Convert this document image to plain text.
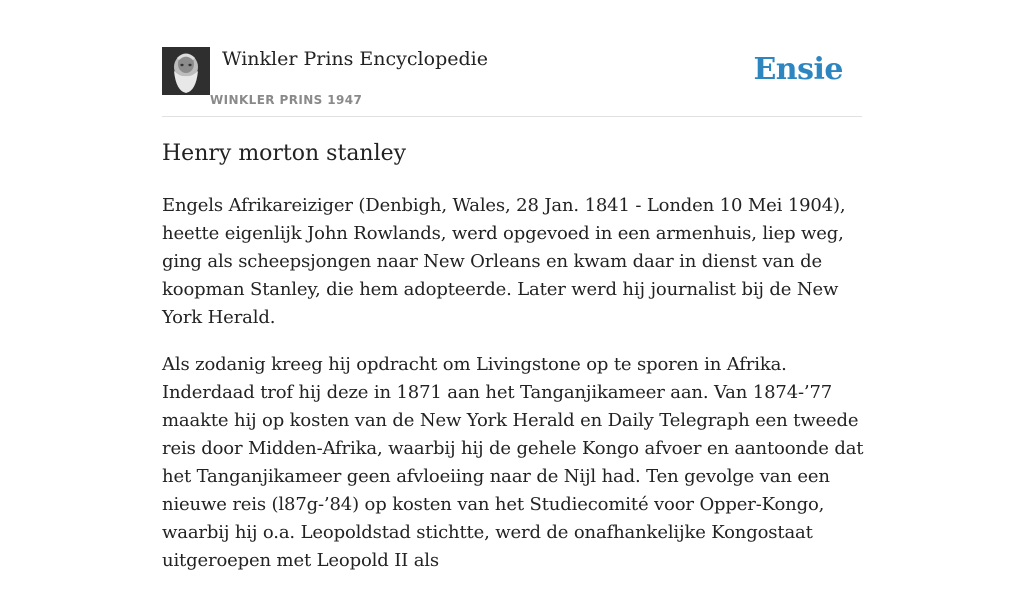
Winkler Prins Encyclopedie
WINKLER PRINS 1947
Ensie
Henry morton stanley

Engels Afrikareiziger (Denbigh, Wales, 28 Jan. 1841 - Londen 10 Mei 1904), heette eigenlijk John Rowlands, werd opgevoed in een armenhuis, liep weg, ging als scheepsjongen naar New Orleans en kwam daar in dienst van de koopman Stanley, die hem adopteerde. Later werd hij journalist bij de New York Herald.

Als zodanig kreeg hij opdracht om Livingstone op te sporen in Afrika. Inderdaad trof hij deze in 1871 aan het Tanganjikameer aan. Van 1874-’77 maakte hij op kosten van de New York Herald en Daily Telegraph een tweede reis door Midden-Afrika, waarbij hij de gehele Kongo afvoer en aantoonde dat het Tanganjikameer geen afvloeiing naar de Nijl had. Ten gevolge van een nieuwe reis (l87g-’84) op kosten van het Studiecomité voor Opper-Kongo, waarbij hij o.a. Leopoldstad stichtte, werd de onafhankelijke Kongostaat uitgeroepen met Leopold II als
